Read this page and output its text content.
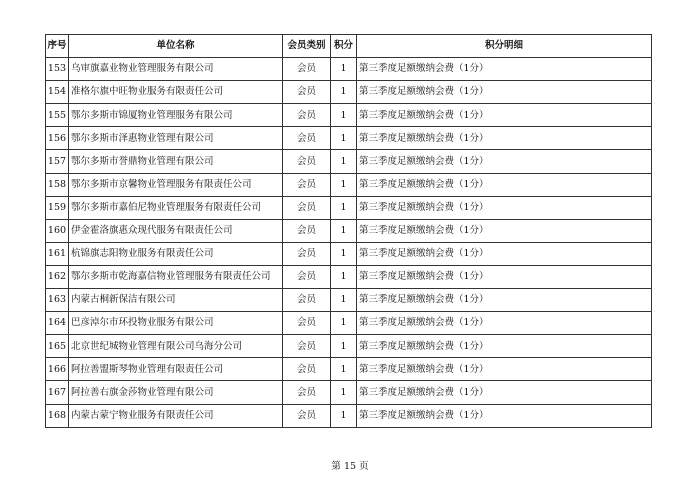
序号	单位名称	会员类别	积分	积分明细
153	乌审旗嘉业物业管理服务有限公司	会员	1	第三季度足额缴纳会费（1分）
154	准格尔旗中旺物业服务有限责任公司	会员	1	第三季度足额缴纳会费（1分）
155	鄂尔多斯市锦厦物业管理服务有限公司	会员	1	第三季度足额缴纳会费（1分）
156	鄂尔多斯市泽惠物业管理有限公司	会员	1	第三季度足额缴纳会费（1分）
157	鄂尔多斯市誉鼎物业管理有限公司	会员	1	第三季度足额缴纳会费（1分）
158	鄂尔多斯市京馨物业管理服务有限责任公司	会员	1	第三季度足额缴纳会费（1分）
159	鄂尔多斯市嘉伯尼物业管理服务有限责任公司	会员	1	第三季度足额缴纳会费（1分）
160	伊金霍洛旗惠众现代服务有限责任公司	会员	1	第三季度足额缴纳会费（1分）
161	杭锦旗志阳物业服务有限责任公司	会员	1	第三季度足额缴纳会费（1分）
162	鄂尔多斯市乾海嘉信物业管理服务有限责任公司	会员	1	第三季度足额缴纳会费（1分）
163	内蒙古桐新保洁有限公司	会员	1	第三季度足额缴纳会费（1分）
164	巴彦淖尔市环投物业服务有限公司	会员	1	第三季度足额缴纳会费（1分）
165	北京世纪城物业管理有限公司乌海分公司	会员	1	第三季度足额缴纳会费（1分）
166	阿拉善盟斯琴物业管理有限责任公司	会员	1	第三季度足额缴纳会费（1分）
167	阿拉善右旗金莎物业管理有限公司	会员	1	第三季度足额缴纳会费（1分）
168	内蒙古蒙宁物业服务有限责任公司	会员	1	第三季度足额缴纳会费（1分）
第 15 页
